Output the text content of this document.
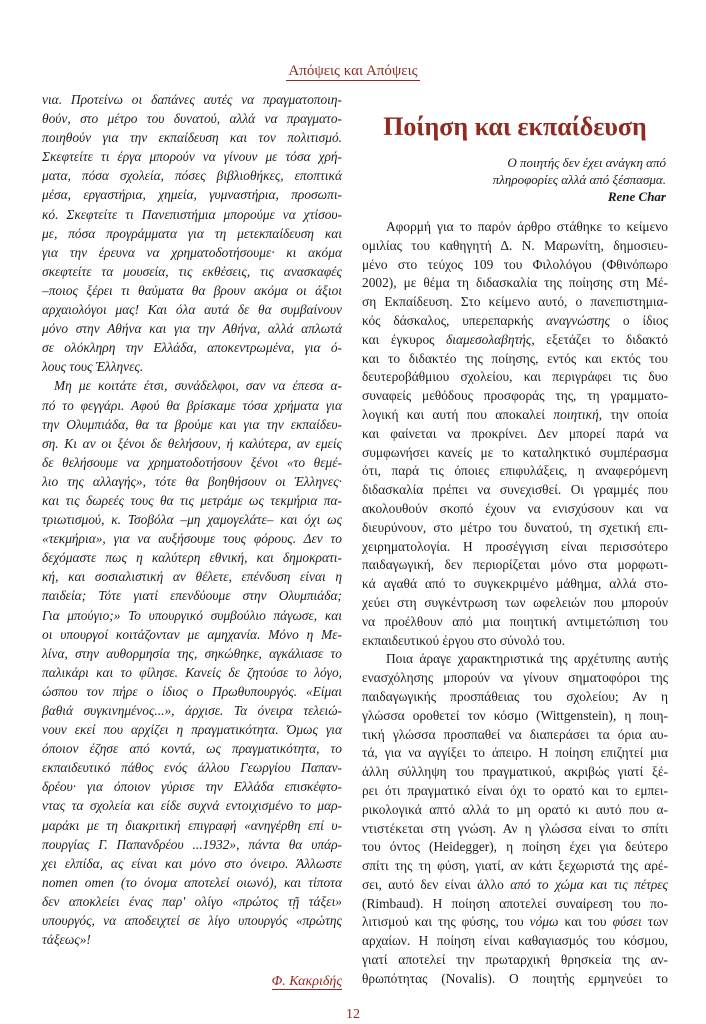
Απόψεις και Απόψεις
νια. Προτείνω οι δαπάνες αυτές να πραγματοποιη-
θούν, στο μέτρο του δυνατού, αλλά να πραγματο-
ποιηθούν για την εκπαίδευση και τον πολιτισμό.
Σκεφτείτε τι έργα μπορούν να γίνουν με τόσα χρή-
ματα, πόσα σχολεία, πόσες βιβλιοθήκες, εποπτικά
μέσα, εργαστήρια, χημεία, γυμναστήρια, προσωπι-
κό. Σκεφτείτε τι Πανεπιστήμια μπορούμε να χτίσου-
με, πόσα προγράμματα για τη μετεκπαίδευση και
για την έρευνα να χρηματοδοτήσουμε· κι ακόμα
σκεφτείτε τα μουσεία, τις εκθέσεις, τις ανασκαφές
–ποιος ξέρει τι θαύματα θα βρουν ακόμα οι άξιοι
αρχαιολόγοι μας! Και όλα αυτά δε θα συμβαίνουν
μόνο στην Αθήνα και για την Αθήνα, αλλά απλωτά
σε ολόκληρη την Ελλάδα, αποκεντρωμένα, για ό-
λους τους Έλληνες.
Μη με κοιτάτε έτσι, συνάδελφοι, σαν να έπεσα α-
πό το φεγγάρι. Αφού θα βρίσκαμε τόσα χρήματα για
την Ολυμπιάδα, θα τα βρούμε και για την εκπαίδευ-
ση. Κι αν οι ξένοι δε θελήσουν, ή καλύτερα, αν εμείς
δε θελήσουμε να χρηματοδοτήσουν ξένοι «το θεμέ-
λιο της αλλαγής», τότε θα βοηθήσουν οι Έλληνες·
και τις δωρεές τους θα τις μετράμε ως τεκμήρια πα-
τριωτισμού, κ. Τσοβόλα –μη χαμογελάτε– και όχι ως
«τεκμήρια», για να αυξήσουμε τους φόρους. Δεν το
δεχόμαστε πως η καλύτερη εθνική, και δημοκρατι-
κή, και σοσιαλιστική αν θέλετε, επένδυση είναι η
παιδεία; Τότε γιατί επενδύουμε στην Ολυμπιάδα;
Για μπούγιο;» Το υπουργικό συμβούλιο πάγωσε, και
οι υπουργοί κοιτάζονταν με αμηχανία. Μόνο η Με-
λίνα, στην αυθορμησία της, σηκώθηκε, αγκάλιασε το
παλικάρι και το φίλησε. Κανείς δε ζητούσε το λόγο,
ώσπου τον πήρε ο ίδιος ο Πρωθυπουργός. «Είμαι
βαθιά συγκινημένος...», άρχισε. Τα όνειρα τελειώ-
νουν εκεί που αρχίζει η πραγματικότητα. Όμως για
όποιον έζησε από κοντά, ως πραγματικότητα, το
εκπαιδευτικό πάθος ενός άλλου Γεωργίου Παπαν-
δρέου· για όποιον γύρισε την Ελλάδα επισκέφτο-
ντας τα σχολεία και είδε συχνά εντοιχισμένο το μαρ-
μαράκι με τη διακριτική επιγραφή «ανηγέρθη επί υ-
πουργίας Γ. Παπανδρέου ...1932», πάντα θα υπάρ-
χει ελπίδα, ας είναι και μόνο στο όνειρο. Άλλωστε
nomen omen (το όνομα αποτελεί οιωνό), και τίποτα
δεν αποκλείει ένας παρ' ολίγο «πρώτος τῇ τάξει»
υπουργός, να αποδειχτεί σε λίγο υπουργός «πρώτης
τάξεως»!
Φ. Κακριδής
Ποίηση και εκπαίδευση
Ο ποιητής δεν έχει ανάγκη από
πληροφορίες αλλά από ξέσπασμα.
Rene Char
Αφορμή για το παρόν άρθρο στάθηκε το κείμενο
ομιλίας του καθηγητή Δ. Ν. Μαρωνίτη, δημοσιευ-
μένο στο τεύχος 109 του Φιλολόγου (Φθινόπωρο
2002), με θέμα τη διδασκαλία της ποίησης στη Μέ-
ση Εκπαίδευση. Στο κείμενο αυτό, ο πανεπιστημια-
κός δάσκαλος, υπερεπαρκής αναγνώστης ο ίδιος
και έγκυρος διαμεσολαβητής, εξετάζει το διδακτό
και το διδακτέο της ποίησης, εντός και εκτός του
δευτεροβάθμιου σχολείου, και περιγράφει τις δυο
συναφείς μεθόδους προσφοράς της, τη γραμματο-
λογική και αυτή που αποκαλεί ποιητική, την οποία
και φαίνεται να προκρίνει. Δεν μπορεί παρά να
συμφωνήσει κανείς με το καταληκτικό συμπέρασμα
ότι, παρά τις όποιες επιφυλάξεις, η αναφερόμενη
διδασκαλία πρέπει να συνεχισθεί. Οι γραμμές που
ακολουθούν σκοπό έχουν να ενισχύσουν και να
διευρύνουν, στο μέτρο του δυνατού, τη σχετική επι-
χειρηματολογία. Η προσέγγιση είναι περισσότερο
παιδαγωγική, δεν περιορίζεται μόνο στα μορφωτι-
κά αγαθά από το συγκεκριμένο μάθημα, αλλά στο-
χεύει στη συγκέντρωση των ωφελειών που μπορούν
να προέλθουν από μια ποιητική αντιμετώπιση του
εκπαιδευτικού έργου στο σύνολό του.
Ποια άραγε χαρακτηριστικά της αρχέτυπης αυτής
ενασχόλησης μπορούν να γίνουν σηματοφόροι της
παιδαγωγικής προσπάθειας του σχολείου; Αν η
γλώσσα οροθετεί τον κόσμο (Wittgenstein), η ποιη-
τική γλώσσα προσπαθεί να διαπεράσει τα όρια αυ-
τά, για να αγγίξει το άπειρο. Η ποίηση επιζητεί μια
άλλη σύλληψη του πραγματικού, ακριβώς γιατί ξέ-
ρει ότι πραγματικό είναι όχι το ορατό και το εμπει-
ρικολογικά απτό αλλά το μη ορατό κι αυτό που α-
ντιστέκεται στη γνώση. Αν η γλώσσα είναι το σπίτι
του όντος (Heidegger), η ποίηση έχει για δεύτερο
σπίτι της τη φύση, γιατί, αν κάτι ξεχωριστά της αρέ-
σει, αυτό δεν είναι άλλο από το χώμα και τις πέτρες
(Rimbaud). Η ποίηση αποτελεί συναίρεση του πο-
λιτισμού και της φύσης, του νόμω και του φύσει των
αρχαίων. Η ποίηση είναι καθαγιασμός του κόσμου,
γιατί αποτελεί την πρωταρχική θρησκεία της αν-
θρωπότητας (Novalis). Ο ποιητής ερμηνεύει το
12
